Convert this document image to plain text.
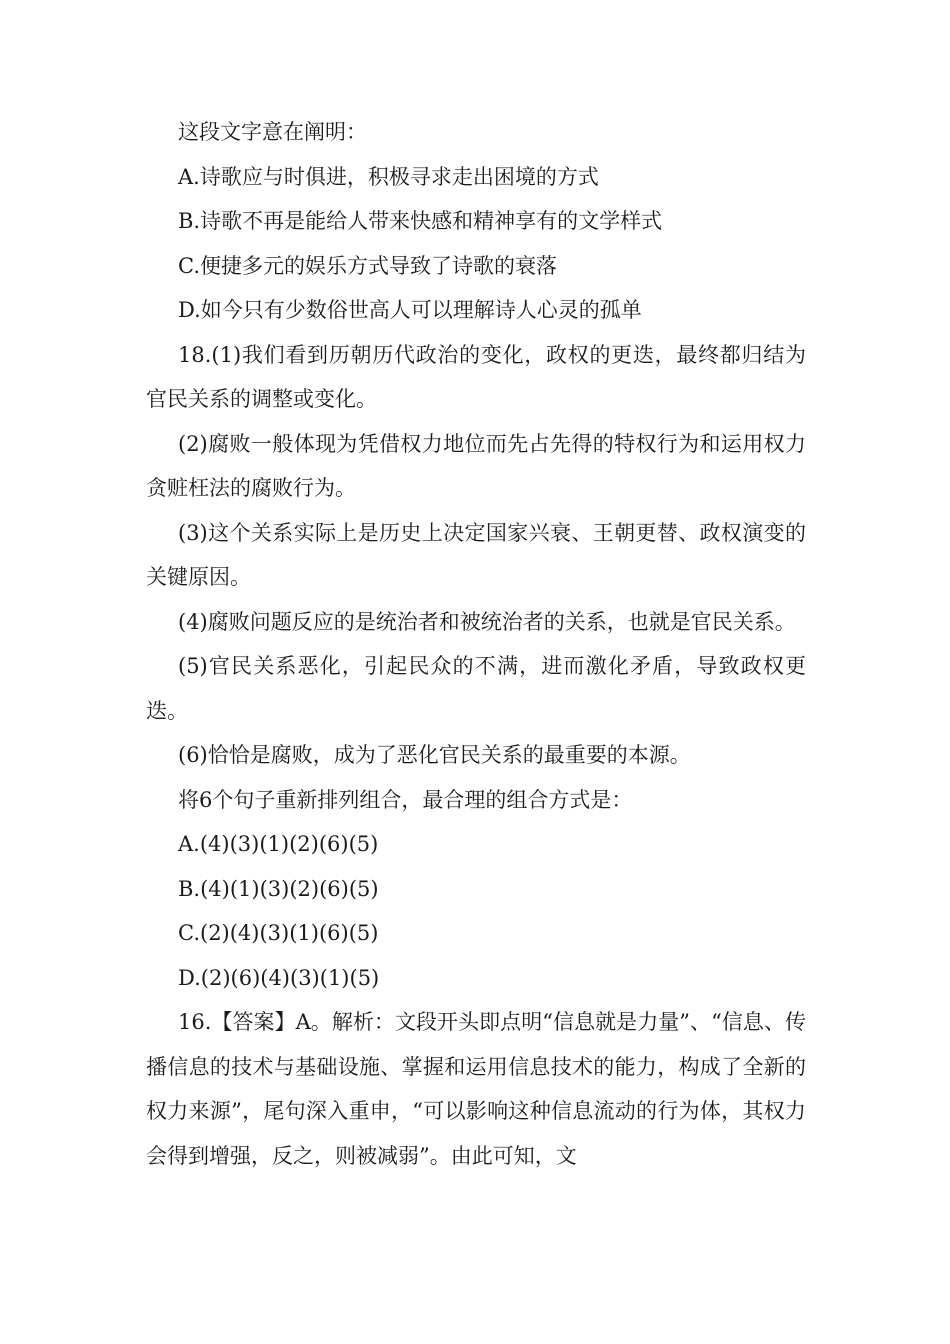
这段文字意在阐明：

A.诗歌应与时俱进，积极寻求走出困境的方式

B.诗歌不再是能给人带来快感和精神享有的文学样式

C.便捷多元的娱乐方式导致了诗歌的衰落

D.如今只有少数俗世高人可以理解诗人心灵的孤单

18.(1)我们看到历朝历代政治的变化，政权的更迭，最终都归结为官民关系的调整或变化。

(2)腐败一般体现为凭借权力地位而先占先得的特权行为和运用权力贪赃枉法的腐败行为。

(3)这个关系实际上是历史上决定国家兴衰、王朝更替、政权演变的关键原因。

(4)腐败问题反应的是统治者和被统治者的关系，也就是官民关系。

(5)官民关系恶化，引起民众的不满，进而激化矛盾，导致政权更迭。

(6)恰恰是腐败，成为了恶化官民关系的最重要的本源。

将6个句子重新排列组合，最合理的组合方式是：

A.(4)(3)(1)(2)(6)(5)

B.(4)(1)(3)(2)(6)(5)

C.(2)(4)(3)(1)(6)(5)

D.(2)(6)(4)(3)(1)(5)

16.【答案】A。解析：文段开头即点明“信息就是力量”、“信息、传播信息的技术与基础设施、掌握和运用信息技术的能力，构成了全新的权力来源”，尾句深入重申，“可以影响这种信息流动的行为体，其权力会得到增强，反之，则被减弱”。由此可知，文
